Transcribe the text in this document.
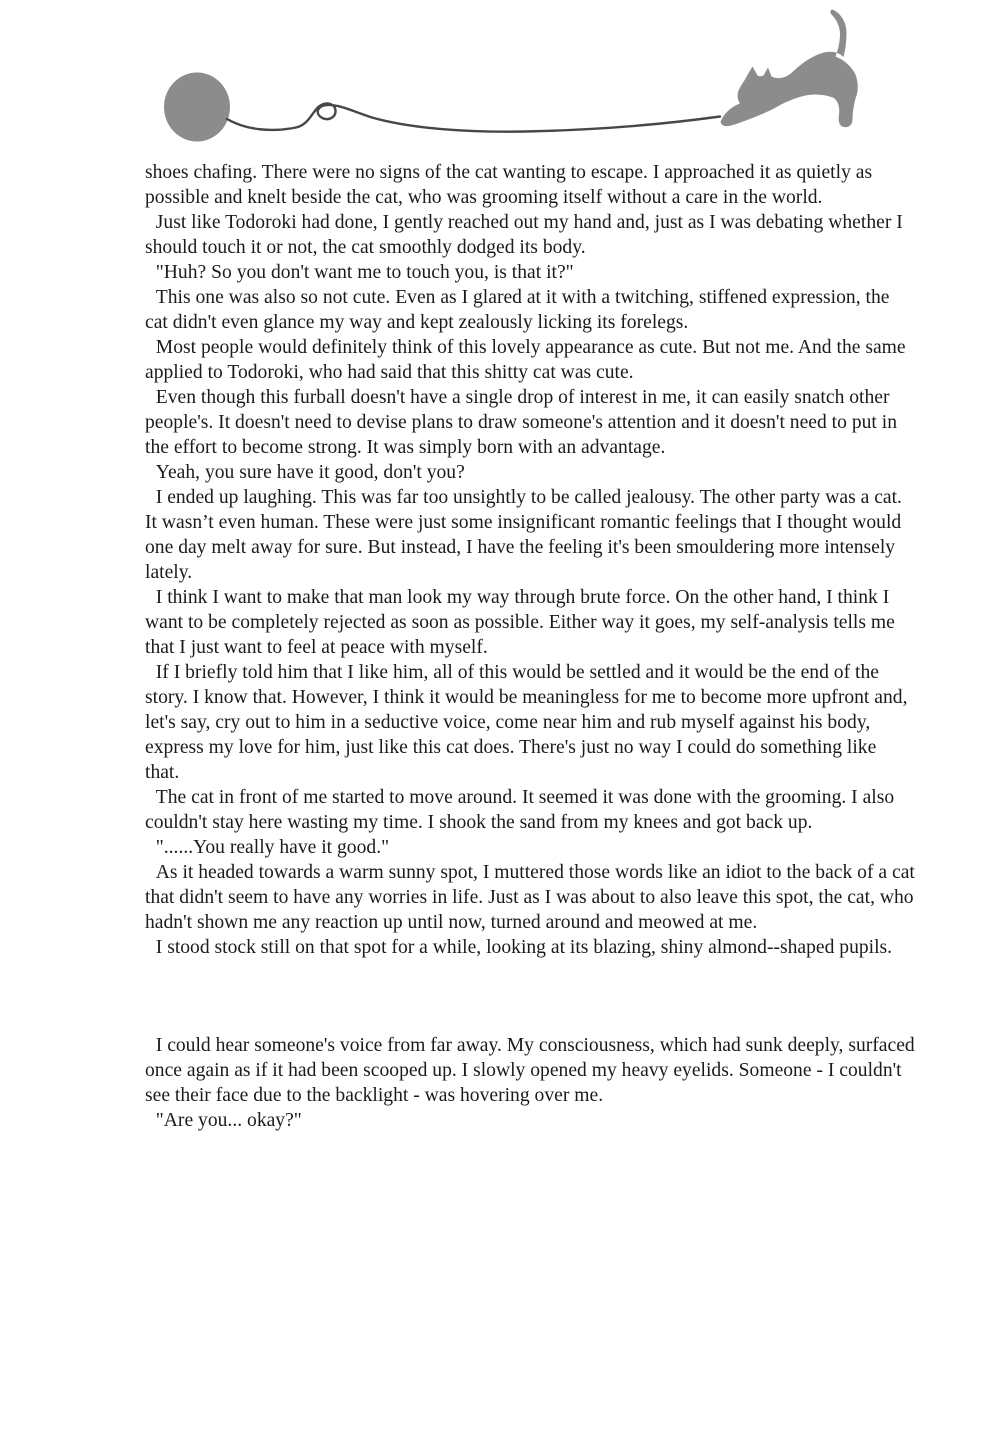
shoes chafing. There were no signs of the cat wanting to escape. I approached it as quietly as possible and knelt beside the cat, who was grooming itself without a care in the world.

Just like Todoroki had done, I gently reached out my hand and, just as I was debating whether I should touch it or not, the cat smoothly dodged its body.

"Huh? So you don't want me to touch you, is that it?"

This one was also so not cute. Even as I glared at it with a twitching, stiffened expression, the cat didn't even glance my way and kept zealously licking its forelegs.

Most people would definitely think of this lovely appearance as cute. But not me. And the same applied to Todoroki, who had said that this shitty cat was cute.

Even though this furball doesn't have a single drop of interest in me, it can easily snatch other people's. It doesn't need to devise plans to draw someone's attention and it doesn't need to put in the effort to become strong. It was simply born with an advantage.

Yeah, you sure have it good, don't you?

I ended up laughing. This was far too unsightly to be called jealousy. The other party was a cat. It wasn’t even human. These were just some insignificant romantic feelings that I thought would one day melt away for sure. But instead, I have the feeling it's been smouldering more intensely lately.

I think I want to make that man look my way through brute force. On the other hand, I think I want to be completely rejected as soon as possible. Either way it goes, my self-analysis tells me that I just want to feel at peace with myself.

If I briefly told him that I like him, all of this would be settled and it would be the end of the story. I know that. However, I think it would be meaningless for me to become more upfront and, let's say, cry out to him in a seductive voice, come near him and rub myself against his body, express my love for him, just like this cat does. There's just no way I could do something like that.

The cat in front of me started to move around. It seemed it was done with the grooming. I also couldn't stay here wasting my time. I shook the sand from my knees and got back up.

"......You really have it good."

As it headed towards a warm sunny spot, I muttered those words like an idiot to the back of a cat that didn't seem to have any worries in life. Just as I was about to also leave this spot, the cat, who hadn't shown me any reaction up until now, turned around and meowed at me.

I stood stock still on that spot for a while, looking at its blazing, shiny almond--shaped pupils.

I could hear someone's voice from far away. My consciousness, which had sunk deeply, surfaced once again as if it had been scooped up. I slowly opened my heavy eyelids. Someone - I couldn't see their face due to the backlight - was hovering over me.

"Are you... okay?"
